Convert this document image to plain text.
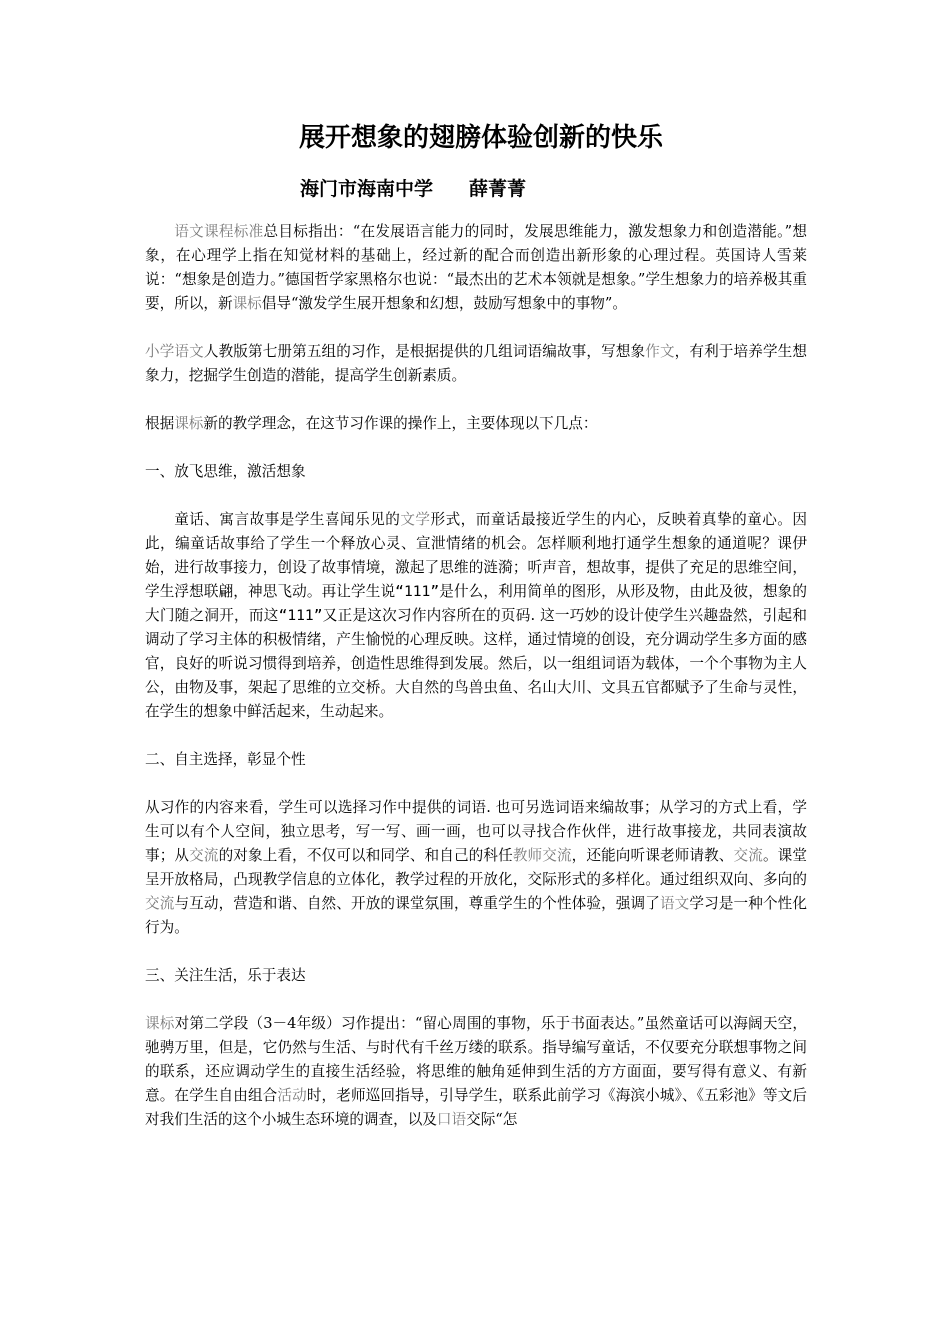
展开想象的翅膀体验创新的快乐
海门市海南中学 薛菁菁

语文课程标准总目标指出：“在发展语言能力的同时，发展思维能力，激发想象力和创造潜能。”想象，在心理学上指在知觉材料的基础上，经过新的配合而创造出新形象的心理过程。英国诗人雪莱说：“想象是创造力。”德国哲学家黑格尔也说：“最杰出的艺术本领就是想象。”学生想象力的培养极其重要，所以，新课标倡导“激发学生展开想象和幻想，鼓励写想象中的事物”。

小学语文人教版第七册第五组的习作，是根据提供的几组词语编故事，写想象作文，有利于培养学生想象力，挖掘学生创造的潜能，提高学生创新素质。

根据课标新的教学理念，在这节习作课的操作上，主要体现以下几点：

一、放飞思维，激活想象

童话、寓言故事是学生喜闻乐见的文学形式，而童话最接近学生的内心，反映着真挚的童心。因此，编童话故事给了学生一个释放心灵、宣泄情绪的机会。怎样顺利地打通学生想象的通道呢？课伊始，进行故事接力，创设了故事情境，激起了思维的涟漪；听声音，想故事，提供了充足的思维空间，学生浮想联翩，神思飞动。再让学生说“111”是什么，利用简单的图形，从形及物，由此及彼，想象的大门随之洞开，而这“111”又正是这次习作内容所在的页码. 这一巧妙的设计使学生兴趣盎然，引起和调动了学习主体的积极情绪，产生愉悦的心理反映。这样，通过情境的创设，充分调动学生多方面的感官，良好的听说习惯得到培养，创造性思维得到发展。然后，以一组组词语为载体，一个个事物为主人公，由物及事，架起了思维的立交桥。大自然的鸟兽虫鱼、名山大川、文具五官都赋予了生命与灵性，在学生的想象中鲜活起来，生动起来。

二、自主选择，彰显个性

从习作的内容来看，学生可以选择习作中提供的词语. 也可另选词语来编故事；从学习的方式上看，学生可以有个人空间，独立思考，写一写、画一画，也可以寻找合作伙伴，进行故事接龙，共同表演故事；从交流的对象上看，不仅可以和同学、和自己的科任教师交流，还能向听课老师请教、交流。课堂呈开放格局，凸现教学信息的立体化，教学过程的开放化，交际形式的多样化。通过组织双向、多向的交流与互动，营造和谐、自然、开放的课堂氛围，尊重学生的个性体验，强调了语文学习是一种个性化行为。

三、关注生活，乐于表达

课标对第二学段（3－4年级）习作提出：“留心周围的事物，乐于书面表达。”虽然童话可以海阔天空，驰骋万里，但是，它仍然与生活、与时代有千丝万缕的联系。指导编写童话，不仅要充分联想事物之间的联系，还应调动学生的直接生活经验，将思维的触角延伸到生活的方方面面，要写得有意义、有新意。在学生自由组合活动时，老师巡回指导，引导学生，联系此前学习《海滨小城》、《五彩池》等文后对我们生活的这个小城生态环境的调查，以及口语交际“怎
